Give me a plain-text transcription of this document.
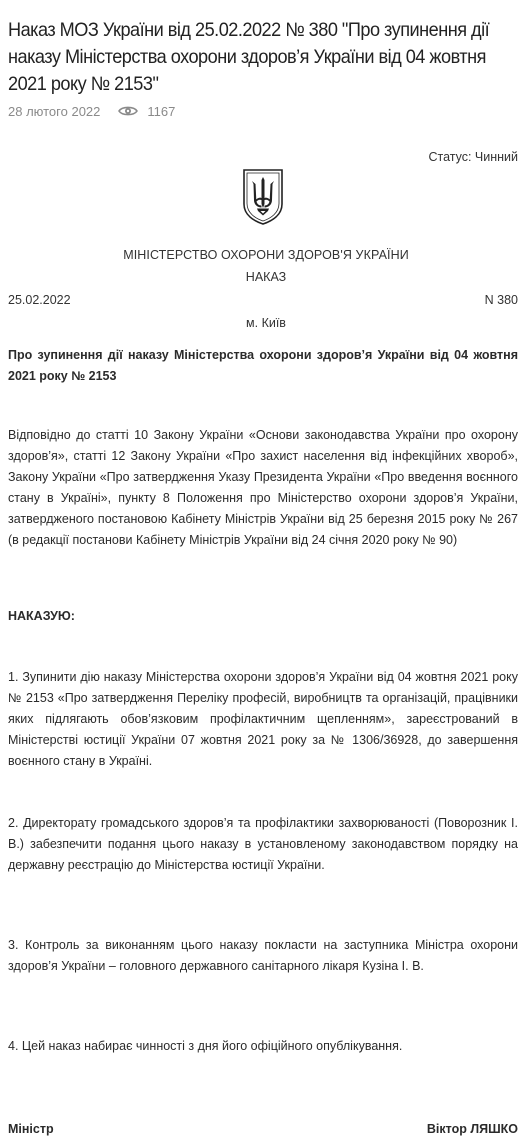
Наказ МОЗ України від 25.02.2022 № 380 "Про зупинення дії наказу Міністерства охорони здоров’я України від 04 жовтня 2021 року № 2153"
28 лютого 2022	1167
Статус: Чинний
МІНІСТЕРСТВО ОХОРОНИ ЗДОРОВ'Я УКРАЇНИ
НАКАЗ
25.02.2022	N 380
м. Київ
Про зупинення дії наказу Міністерства охорони здоров’я України від 04 жовтня 2021 року № 2153
Відповідно до статті 10 Закону України «Основи законодавства України про охорону здоров’я», статті 12 Закону України «Про захист населення від інфекційних хвороб», Закону України «Про затвердження Указу Президента України «Про введення воєнного стану в Україні», пункту 8 Положення про Міністерство охорони здоров’я України, затвердженого постановою Кабінету Міністрів України від 25 березня 2015 року № 267 (в редакції постанови Кабінету Міністрів України від 24 січня 2020 року № 90)
НАКАЗУЮ:
1. Зупинити дію наказу Міністерства охорони здоров’я України від 04 жовтня 2021 року № 2153 «Про затвердження Переліку професій, виробництв та організацій, працівники яких підлягають обов’язковим профілактичним щепленням», зареєстрований в Міністерстві юстиції України 07 жовтня 2021 року за № 1306/36928, до завершення воєнного стану в Україні.
2. Директорату громадського здоров’я та профілактики захворюваності (Поворозник І. В.) забезпечити подання цього наказу в установленому законодавством порядку на державну реєстрацію до Міністерства юстиції України.
3. Контроль за виконанням цього наказу покласти на заступника Міністра охорони здоров’я України – головного державного санітарного лікаря Кузіна І. В.
4. Цей наказ набирає чинності з дня його офіційного опублікування.
Міністр	Віктор ЛЯШКО
